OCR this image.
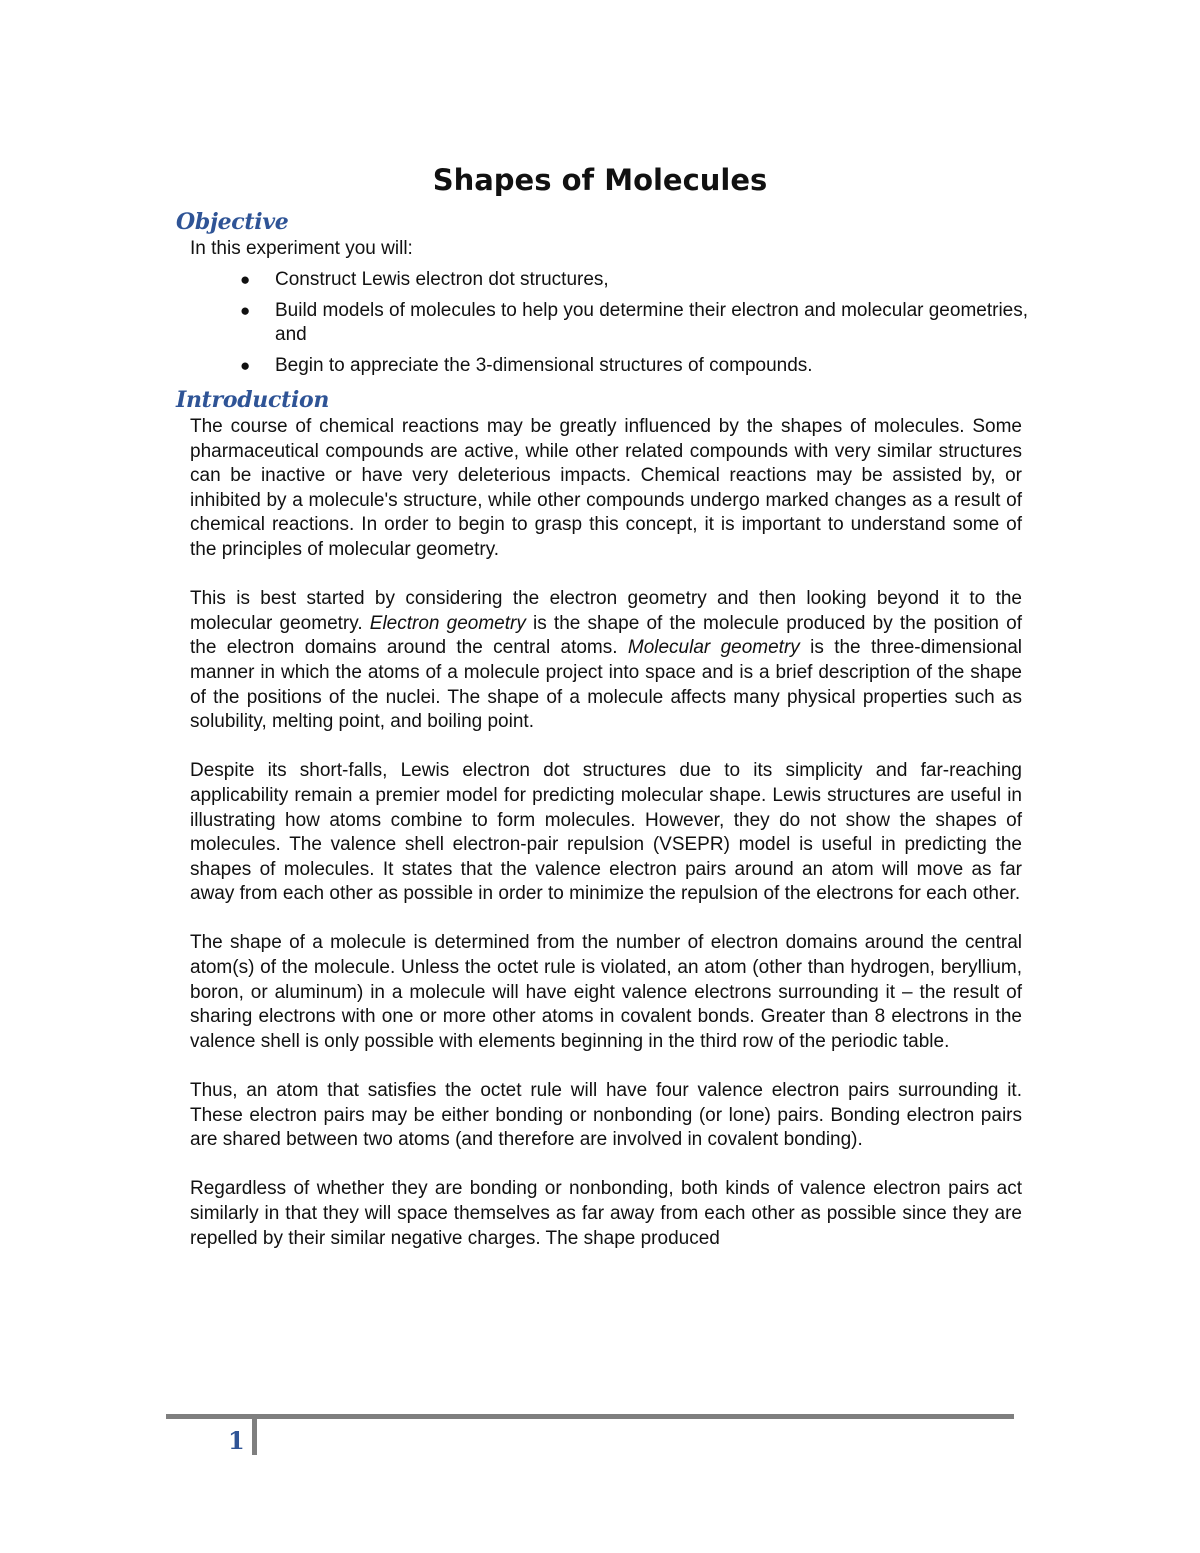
Shapes of Molecules
Objective

In this experiment you will:

● Construct Lewis electron dot structures,
● Build models of molecules to help you determine their electron and molecular geometries, and
● Begin to appreciate the 3-dimensional structures of compounds.
Introduction

The course of chemical reactions may be greatly influenced by the shapes of molecules. Some pharmaceutical compounds are active, while other related compounds with very similar structures can be inactive or have very deleterious impacts. Chemical reactions may be assisted by, or inhibited by a molecule's structure, while other compounds undergo marked changes as a result of chemical reactions. In order to begin to grasp this concept, it is important to understand some of the principles of molecular geometry.

This is best started by considering the electron geometry and then looking beyond it to the molecular geometry. Electron geometry is the shape of the molecule produced by the position of the electron domains around the central atoms. Molecular geometry is the three-dimensional manner in which the atoms of a molecule project into space and is a brief description of the shape of the positions of the nuclei. The shape of a molecule affects many physical properties such as solubility, melting point, and boiling point.

Despite its short-falls, Lewis electron dot structures due to its simplicity and far-reaching applicability remain a premier model for predicting molecular shape. Lewis structures are useful in illustrating how atoms combine to form molecules. However, they do not show the shapes of molecules. The valence shell electron-pair repulsion (VSEPR) model is useful in predicting the shapes of molecules. It states that the valence electron pairs around an atom will move as far away from each other as possible in order to minimize the repulsion of the electrons for each other.

The shape of a molecule is determined from the number of electron domains around the central atom(s) of the molecule. Unless the octet rule is violated, an atom (other than hydrogen, beryllium, boron, or aluminum) in a molecule will have eight valence electrons surrounding it – the result of sharing electrons with one or more other atoms in covalent bonds. Greater than 8 electrons in the valence shell is only possible with elements beginning in the third row of the periodic table.

Thus, an atom that satisfies the octet rule will have four valence electron pairs surrounding it. These electron pairs may be either bonding or nonbonding (or lone) pairs. Bonding electron pairs are shared between two atoms (and therefore are involved in covalent bonding).

Regardless of whether they are bonding or nonbonding, both kinds of valence electron pairs act similarly in that they will space themselves as far away from each other as possible since they are repelled by their similar negative charges. The shape produced

1
